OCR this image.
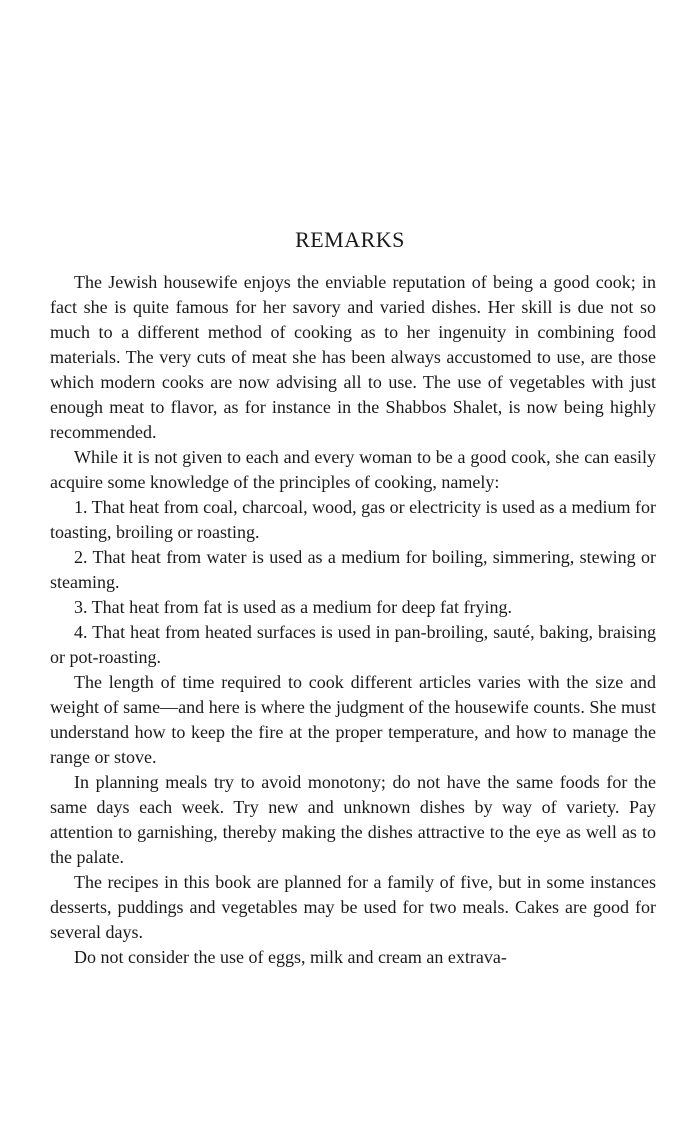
REMARKS

The Jewish housewife enjoys the enviable reputation of being a good cook; in fact she is quite famous for her savory and varied dishes. Her skill is due not so much to a different method of cooking as to her ingenuity in combining food materials. The very cuts of meat she has been always accustomed to use, are those which modern cooks are now advising all to use. The use of vegetables with just enough meat to flavor, as for instance in the Shabbos Shalet, is now being highly recommended.

While it is not given to each and every woman to be a good cook, she can easily acquire some knowledge of the principles of cooking, namely:

1. That heat from coal, charcoal, wood, gas or electricity is used as a medium for toasting, broiling or roasting.

2. That heat from water is used as a medium for boiling, simmering, stewing or steaming.

3. That heat from fat is used as a medium for deep fat frying.

4. That heat from heated surfaces is used in pan-broiling, sauté, baking, braising or pot-roasting.

The length of time required to cook different articles varies with the size and weight of same—and here is where the judgment of the housewife counts. She must understand how to keep the fire at the proper temperature, and how to manage the range or stove.

In planning meals try to avoid monotony; do not have the same foods for the same days each week. Try new and unknown dishes by way of variety. Pay attention to garnishing, thereby making the dishes attractive to the eye as well as to the palate.

The recipes in this book are planned for a family of five, but in some instances desserts, puddings and vegetables may be used for two meals. Cakes are good for several days.

Do not consider the use of eggs, milk and cream an extrava-
